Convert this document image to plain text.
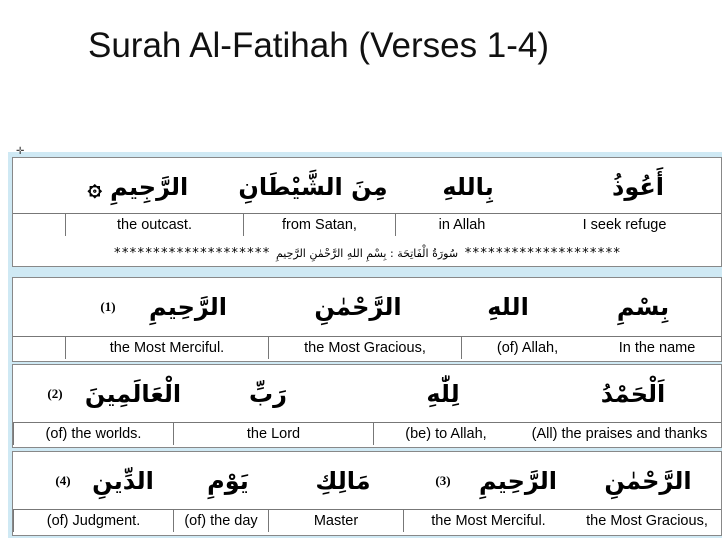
Surah Al-Fatihah (Verses 1-4)
✛
أَعُوذُ
بِاللهِ
مِنَ الشَّيْطَانِ
الرَّجِيمِ ۞
I seek refuge
in Allah
from Satan,
the outcast.
******************** سُورَةُ الْفَاتِحَة : بِسْمِ اللهِ الرَّحْمٰنِ الرَّحِيمِ ********************
بِسْمِ
اللهِ
الرَّحْمٰنِ
الرَّحِيمِ
(1)
In the name
(of) Allah,
the Most Gracious,
the Most Merciful.
اَلْحَمْدُ
لِلّٰهِ
رَبِّ
الْعَالَمِينَ
(2)
(All) the praises and thanks
(be) to Allah,
the Lord
(of) the worlds.
الرَّحْمٰنِ
الرَّحِيمِ
(3)
مَالِكِ
يَوْمِ
الدِّينِ
(4)
the Most Gracious,
the Most Merciful.
Master
(of) the day
(of) Judgment.
